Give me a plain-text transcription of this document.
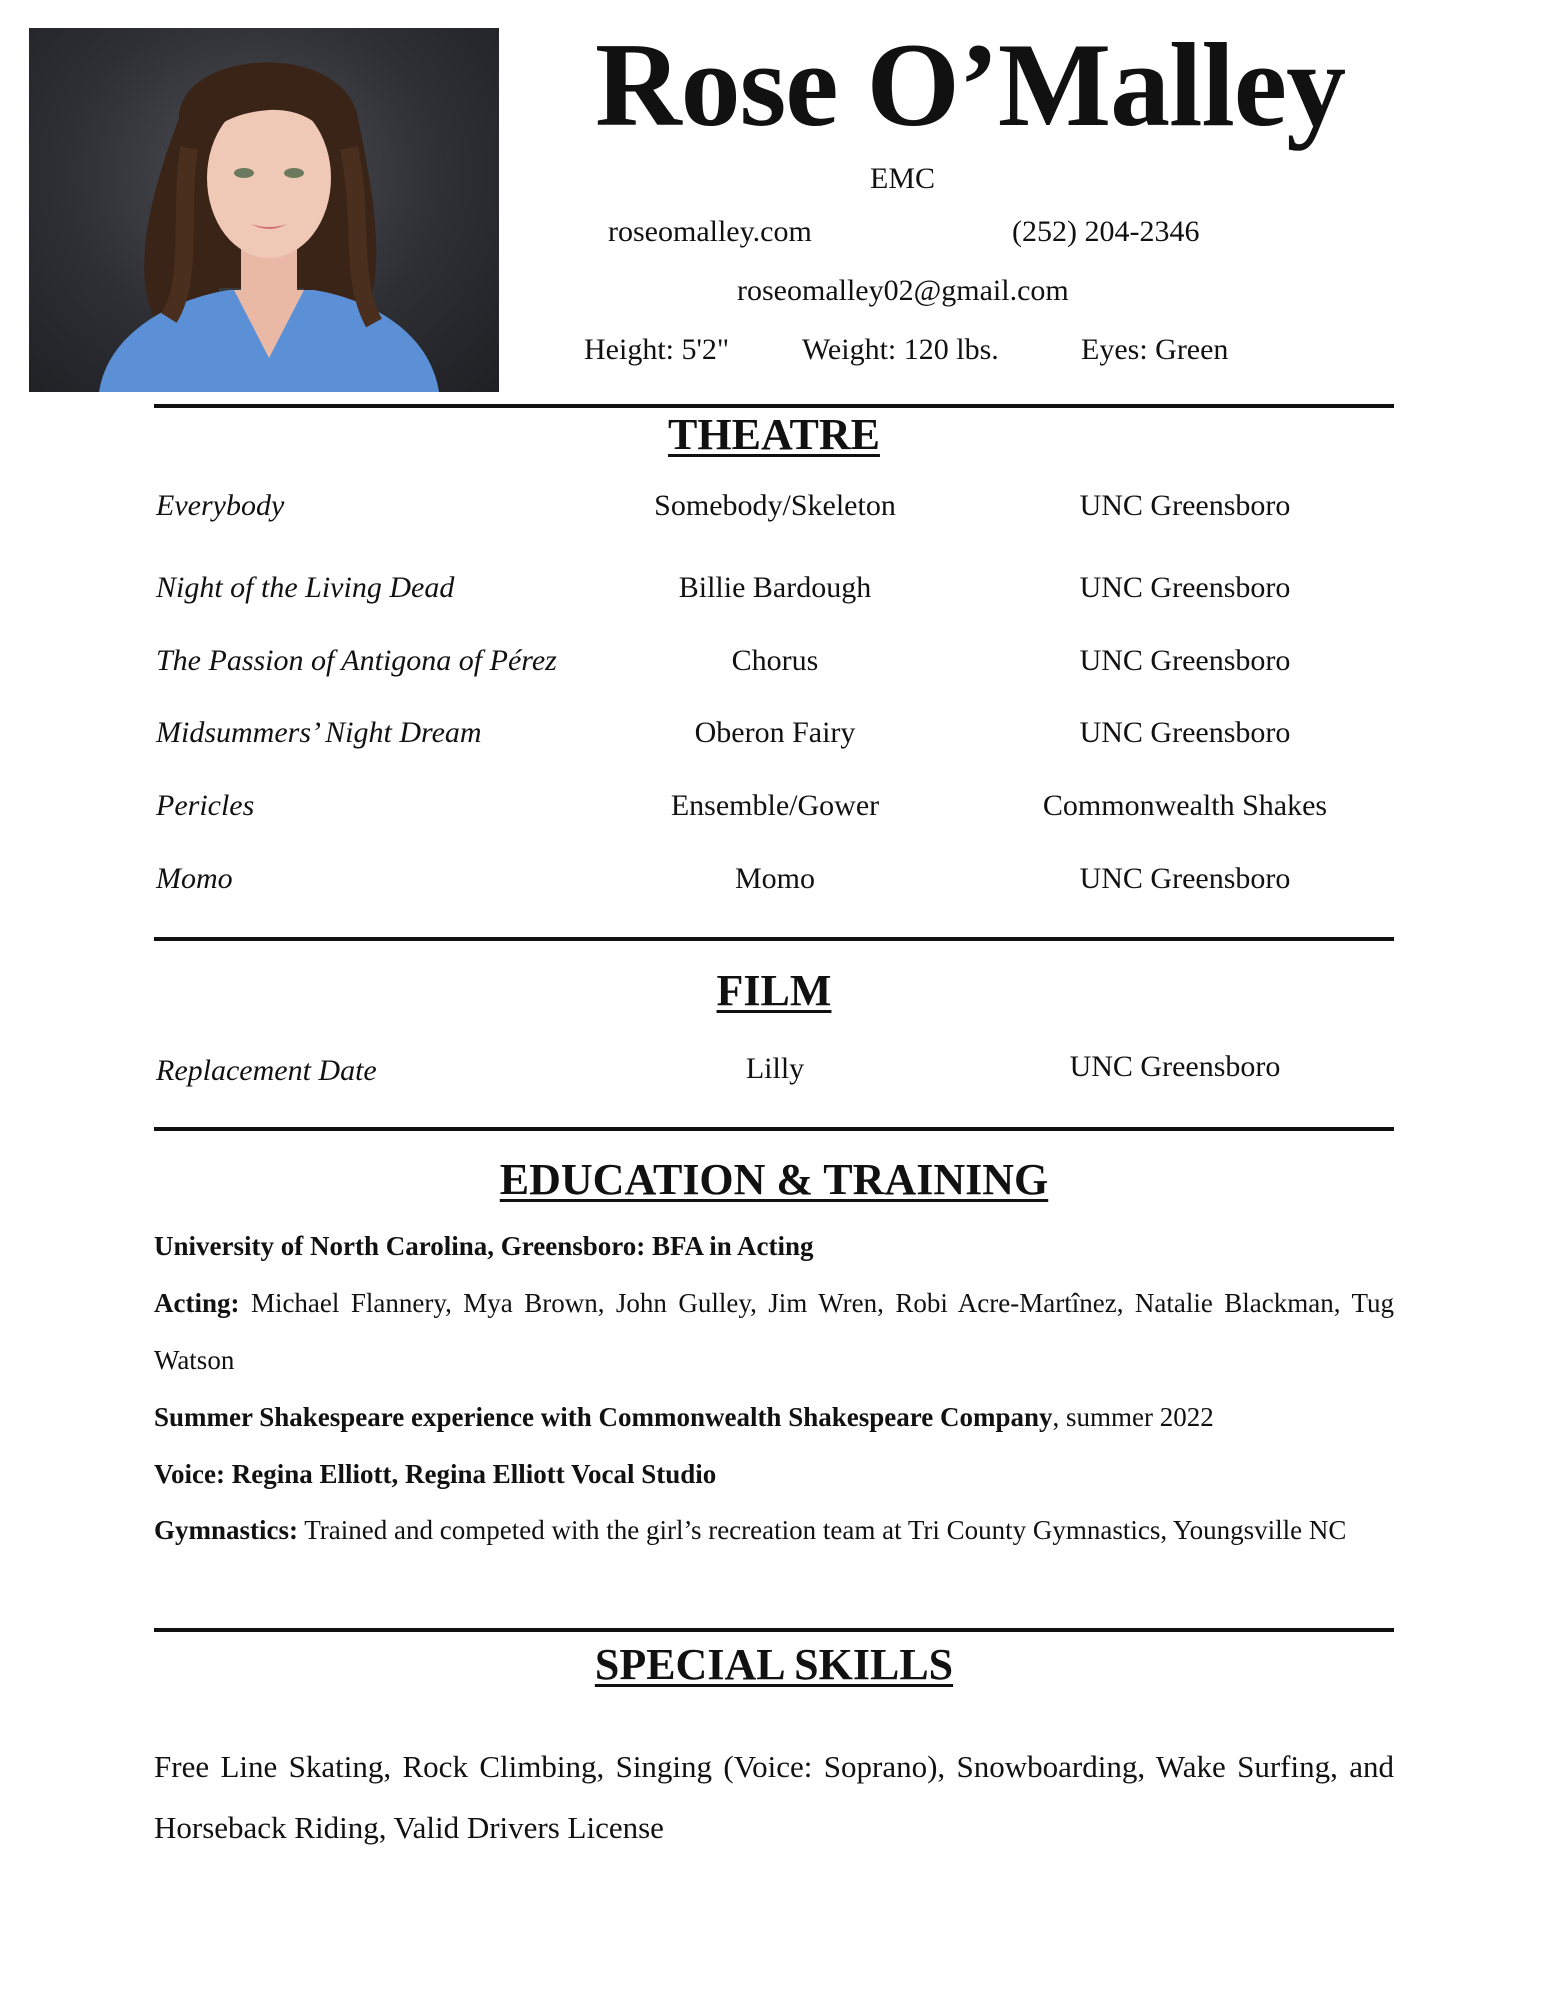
Rose O’Malley
EMC
roseomalley.com	(252) 204-2346
roseomalley02@gmail.com
Height: 5'2" Weight: 120 lbs.	Eyes: Green
THEATRE
Everybody	Somebody/Skeleton	UNC Greensboro
Night of the Living Dead	Billie Bardough	UNC Greensboro
The Passion of Antigona of Pérez	Chorus	UNC Greensboro
Midsummers’ Night Dream	Oberon Fairy	UNC Greensboro
Pericles	Ensemble/Gower	Commonwealth Shakes
Momo	Momo	UNC Greensboro
FILM
Replacement Date	Lilly	UNC Greensboro
EDUCATION & TRAINING
University of North Carolina, Greensboro: BFA in Acting
Acting: Michael Flannery, Mya Brown, John Gulley, Jim Wren, Robi Acre-Martînez, Natalie Blackman, Tug Watson
Summer Shakespeare experience with Commonwealth Shakespeare Company, summer 2022
Voice: Regina Elliott, Regina Elliott Vocal Studio
Gymnastics: Trained and competed with the girl’s recreation team at Tri County Gymnastics, Youngsville NC
SPECIAL SKILLS
Free Line Skating, Rock Climbing, Singing (Voice: Soprano), Snowboarding, Wake Surfing, and Horseback Riding, Valid Drivers License
